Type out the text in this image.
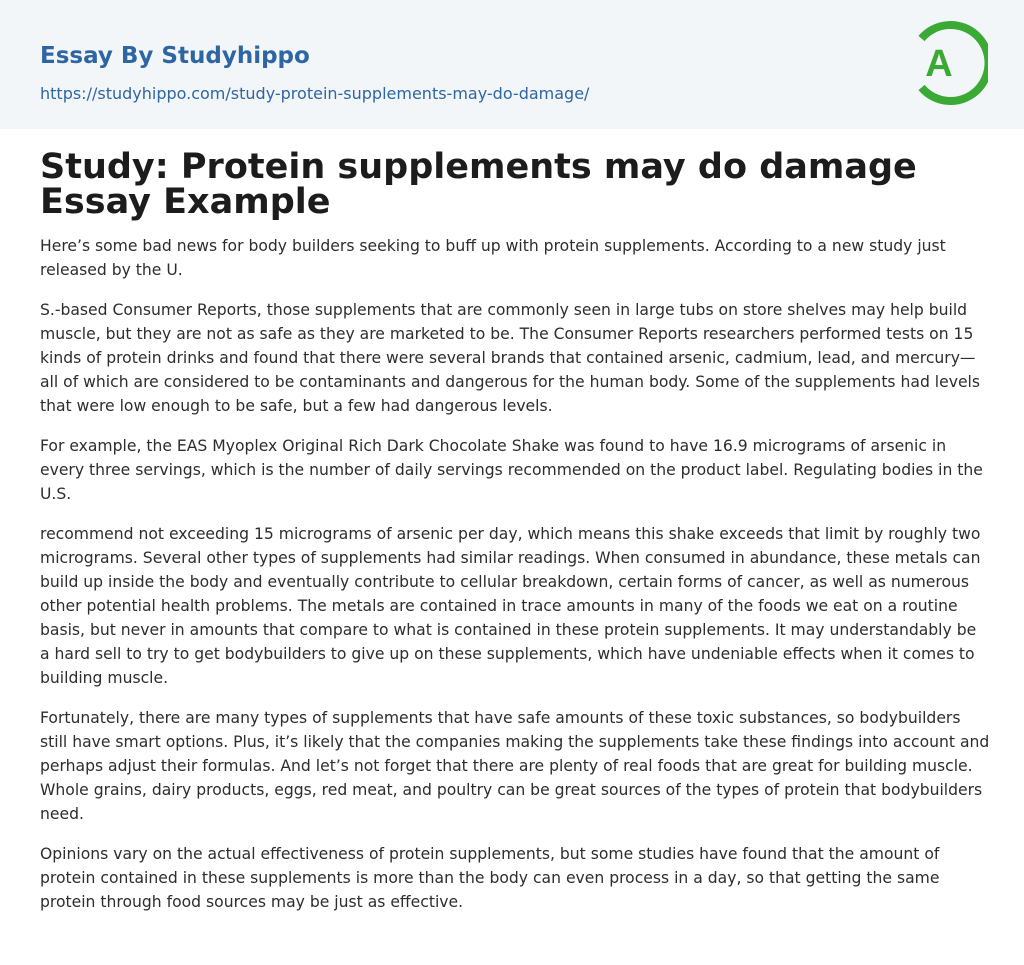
Essay By Studyhippo
https://studyhippo.com/study-protein-supplements-may-do-damage/
A
Study: Protein supplements may do damage Essay Example

Here’s some bad news for body builders seeking to buff up with protein supplements. According to a new study just released by the U.

S.-based Consumer Reports, those supplements that are commonly seen in large tubs on store shelves may help build muscle, but they are not as safe as they are marketed to be. The Consumer Reports researchers performed tests on 15 kinds of protein drinks and found that there were several brands that contained arsenic, cadmium, lead, and mercury—all of which are considered to be contaminants and dangerous for the human body. Some of the supplements had levels that were low enough to be safe, but a few had dangerous levels.

For example, the EAS Myoplex Original Rich Dark Chocolate Shake was found to have 16.9 micrograms of arsenic in every three servings, which is the number of daily servings recommended on the product label. Regulating bodies in the U.S.

recommend not exceeding 15 micrograms of arsenic per day, which means this shake exceeds that limit by roughly two micrograms. Several other types of supplements had similar readings. When consumed in abundance, these metals can build up inside the body and eventually contribute to cellular breakdown, certain forms of cancer, as well as numerous other potential health problems. The metals are contained in trace amounts in many of the foods we eat on a routine basis, but never in amounts that compare to what is contained in these protein supplements. It may understandably be a hard sell to try to get bodybuilders to give up on these supplements, which have undeniable effects when it comes to building muscle.

Fortunately, there are many types of supplements that have safe amounts of these toxic substances, so bodybuilders still have smart options. Plus, it’s likely that the companies making the supplements take these findings into account and perhaps adjust their formulas. And let’s not forget that there are plenty of real foods that are great for building muscle. Whole grains, dairy products, eggs, red meat, and poultry can be great sources of the types of protein that bodybuilders need.

Opinions vary on the actual effectiveness of protein supplements, but some studies have found that the amount of protein contained in these supplements is more than the body can even process in a day, so that getting the same protein through food sources may be just as effective.
